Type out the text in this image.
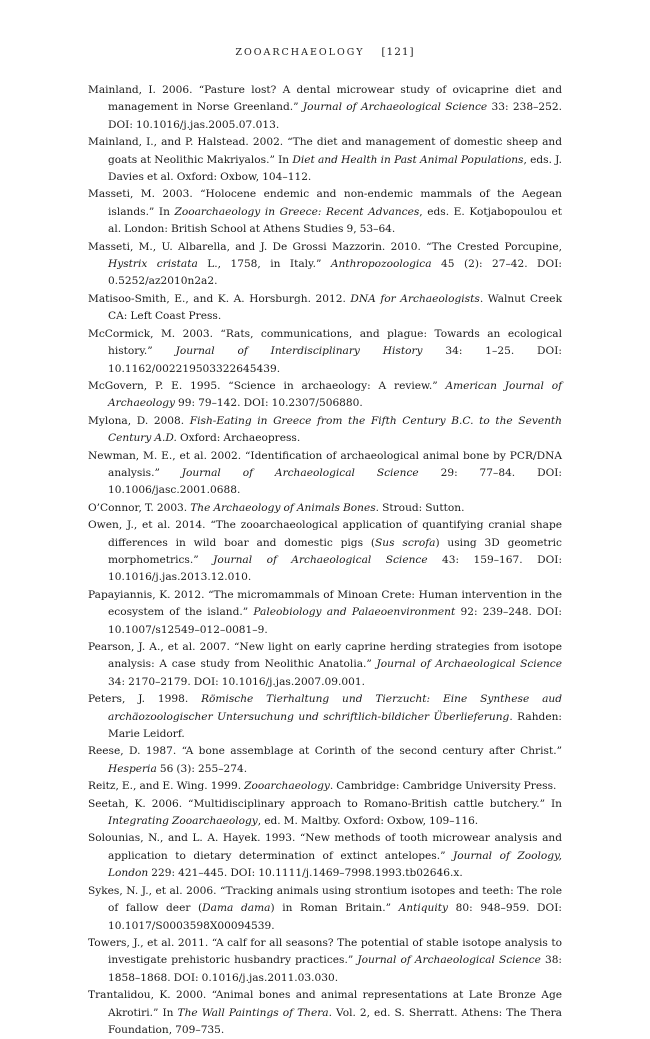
ZOOARCHAEOLOGY [121]

Mainland, I. 2006. “Pasture lost? A dental microwear study of ovicaprine diet and management in Norse Greenland.” Journal of Archaeological Science 33: 238–252. DOI: 10.1016/j.jas.2005.07.013.

Mainland, I., and P. Halstead. 2002. “The diet and management of domestic sheep and goats at Neolithic Makriyalos.” In Diet and Health in Past Animal Populations, eds. J. Davies et al. Oxford: Oxbow, 104–112.

Masseti, M. 2003. “Holocene endemic and non-endemic mammals of the Aegean islands.” In Zooarchaeology in Greece: Recent Advances, eds. E. Kotjabopoulou et al. London: British School at Athens Studies 9, 53–64.

Masseti, M., U. Albarella, and J. De Grossi Mazzorin. 2010. “The Crested Porcupine, Hystrix cristata L., 1758, in Italy.” Anthropozoologica 45 (2): 27–42. DOI: 0.5252/az2010n2a2.

Matisoo-Smith, E., and K. A. Horsburgh. 2012. DNA for Archaeologists. Walnut Creek CA: Left Coast Press.

McCormick, M. 2003. “Rats, communications, and plague: Towards an ecological history.” Journal of Interdisciplinary History 34: 1–25. DOI: 10.1162/002219503322645439.

McGovern, P. E. 1995. “Science in archaeology: A review.” American Journal of Archaeology 99: 79–142. DOI: 10.2307/506880.

Mylona, D. 2008. Fish-Eating in Greece from the Fifth Century B.C. to the Seventh Century A.D. Oxford: Archaeopress.

Newman, M. E., et al. 2002. “Identification of archaeological animal bone by PCR/DNA analysis.” Journal of Archaeological Science 29: 77–84. DOI: 10.1006/jasc.2001.0688.

O’Connor, T. 2003. The Archaeology of Animals Bones. Stroud: Sutton.

Owen, J., et al. 2014. “The zooarchaeological application of quantifying cranial shape differences in wild boar and domestic pigs (Sus scrofa) using 3D geometric morphometrics.” Journal of Archaeological Science 43: 159–167. DOI: 10.1016/j.jas.2013.12.010.

Papayiannis, K. 2012. “The micromammals of Minoan Crete: Human intervention in the ecosystem of the island.” Paleobiology and Palaeoenvironment 92: 239–248. DOI: 10.1007/s12549–012–0081–9.

Pearson, J. A., et al. 2007. “New light on early caprine herding strategies from isotope analysis: A case study from Neolithic Anatolia.” Journal of Archaeological Science 34: 2170–2179. DOI: 10.1016/j.jas.2007.09.001.

Peters, J. 1998. Römische Tierhaltung und Tierzucht: Eine Synthese aud archäozoologischer Untersuchung und schriftlich-bildicher Überlieferung. Rahden: Marie Leidorf.

Reese, D. 1987. “A bone assemblage at Corinth of the second century after Christ.” Hesperia 56 (3): 255–274.

Reitz, E., and E. Wing. 1999. Zooarchaeology. Cambridge: Cambridge University Press.

Seetah, K. 2006. “Multidisciplinary approach to Romano-British cattle butchery.” In Integrating Zooarchaeology, ed. M. Maltby. Oxford: Oxbow, 109–116.

Solounias, N., and L. A. Hayek. 1993. “New methods of tooth microwear analysis and application to dietary determination of extinct antelopes.” Journal of Zoology, London 229: 421–445. DOI: 10.1111/j.1469–7998.1993.tb02646.x.

Sykes, N. J., et al. 2006. “Tracking animals using strontium isotopes and teeth: The role of fallow deer (Dama dama) in Roman Britain.” Antiquity 80: 948–959. DOI: 10.1017/S0003598X00094539.

Towers, J., et al. 2011. “A calf for all seasons? The potential of stable isotope analysis to investigate prehistoric husbandry practices.” Journal of Archaeological Science 38: 1858–1868. DOI: 0.1016/j.jas.2011.03.030.

Trantalidou, K. 2000. “Animal bones and animal representations at Late Bronze Age Akrotiri.” In The Wall Paintings of Thera. Vol. 2, ed. S. Sherratt. Athens: The Thera Foundation, 709–735.
